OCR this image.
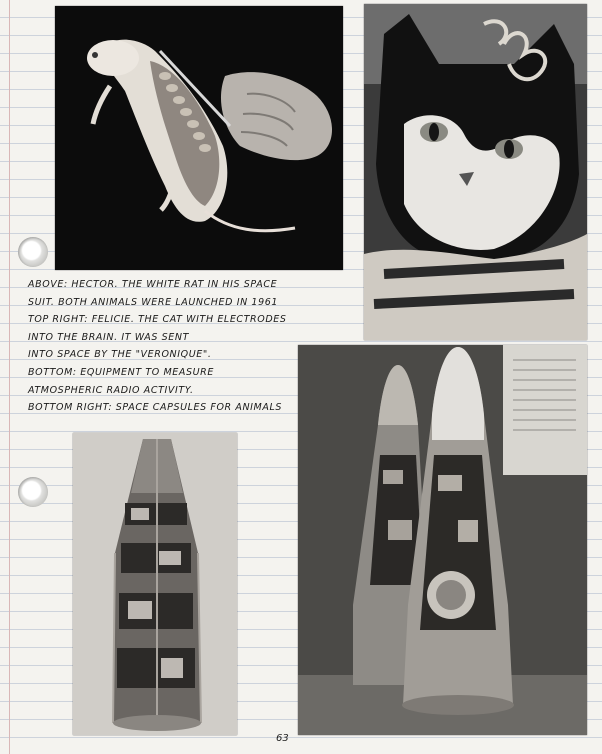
ABOVE: HECTOR. THE WHITE RAT IN HIS SPACE
SUIT. BOTH ANIMALS WERE LAUNCHED IN 1961
TOP RIGHT: FELICIE. THE CAT WITH ELECTRODES
INTO THE BRAIN. IT WAS SENT
INTO SPACE BY THE "VERONIQUE".
BOTTOM: EQUIPMENT TO MEASURE
ATMOSPHERIC RADIO ACTIVITY.
BOTTOM RIGHT: SPACE CAPSULES FOR ANIMALS
63
